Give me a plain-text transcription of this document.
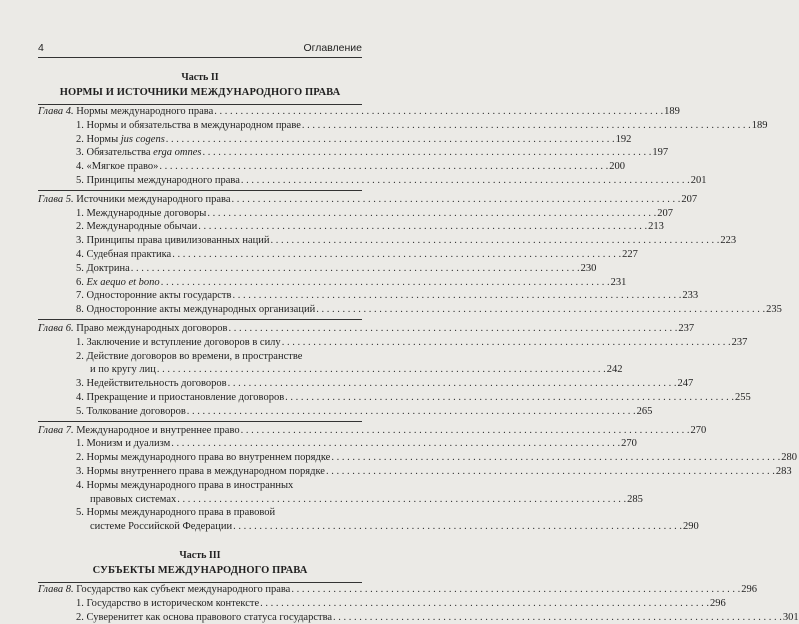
4	Оглавление
Часть II
НОРМЫ И ИСТОЧНИКИ МЕЖДУНАРОДНОГО ПРАВА
Глава 4. Нормы международного права . . .	189
1. Нормы и обязательства в международном праве . . .	189
2. Нормы jus cogens . . .	192
3. Обязательства erga omnes . . .	197
4. «Мягкое право» . . .	200
5. Принципы международного права . . .	201
Глава 5. Источники международного права . . .	207
1. Международные договоры . . .	207
2. Международные обычаи . . .	213
3. Принципы права цивилизованных наций . . .	223
4. Судебная практика . . .	227
5. Доктрина . . .	230
6. Ex aequo et bono . . .	231
7. Односторонние акты государств . . .	233
8. Односторонние акты международных организаций . . .	235
Глава 6. Право международных договоров . . .	237
1. Заключение и вступление договоров в силу . . .	237
2. Действие договоров во времени, в пространстве
и по кругу лиц . . .	242
3. Недействительность договоров . . .	247
4. Прекращение и приостановление договоров . . .	255
5. Толкование договоров . . .	265
Глава 7. Международное и внутреннее право . . .	270
1. Монизм и дуализм . . .	270
2. Нормы международного права во внутреннем порядке . . .	280
3. Нормы внутреннего права в международном порядке . . .	283
4. Нормы международного права в иностранных
правовых системах . . .	285
5. Нормы международного права в правовой
системе Российской Федерации . . .	290
Часть III
СУБЪЕКТЫ МЕЖДУНАРОДНОГО ПРАВА
Глава 8. Государство как субъект международного права . . .	296
1. Государство в историческом контексте . . .	296
2. Суверенитет как основа правового статуса государства . . .	301
